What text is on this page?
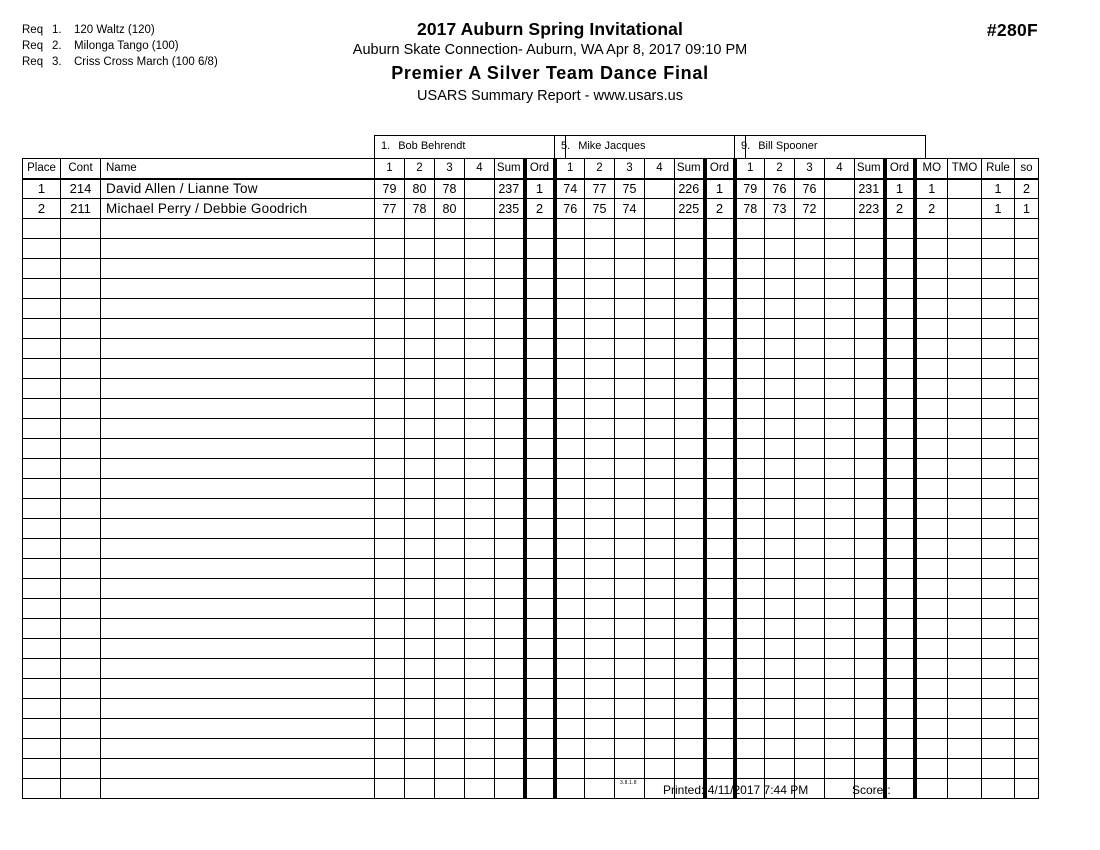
Req 1. 120 Waltz (120)
Req 2. Milonga Tango (100)
Req 3. Criss Cross March (100 6/8)
2017 Auburn Spring Invitational
Auburn Skate Connection- Auburn, WA Apr 8, 2017 09:10 PM
Premier A Silver Team Dance Final
USARS Summary Report - www.usars.us
#280F
1. Bob Behrendt	5. Mike Jacques	9. Bill Spooner
Place	Cont	Name	1	2	3	4	Sum	Ord	1	2	3	4	Sum	Ord	1	2	3	4	Sum	Ord	MO	TMO	Rule	so
1	214	David Allen / Lianne Tow	79	80	78		237	1	74	77	75		226	1	79	76	76		231	1	1		1	2
2	211	Michael Perry / Debbie Goodrich	77	78	80		235	2	76	75	74		225	2	78	73	72		223	2	2		1	1

3.8.1.8 Printed: 4/11/2017 7:44 PM	Scorer:
